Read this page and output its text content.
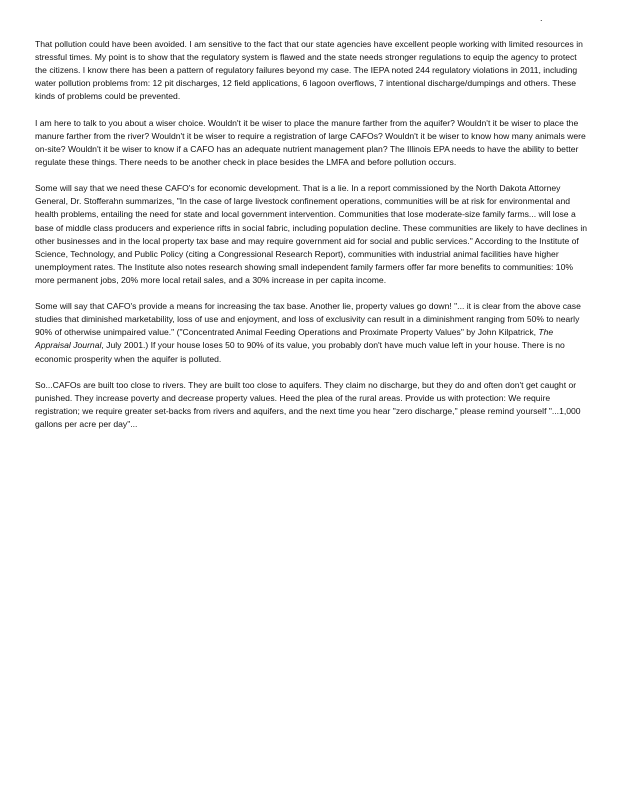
.

That pollution could have been avoided. I am sensitive to the fact that our state agencies have excellent people working with limited resources in stressful times. My point is to show that the regulatory system is flawed and the state needs stronger regulations to equip the agency to protect the citizens. I know there has been a pattern of regulatory failures beyond my case. The IEPA noted 244 regulatory violations in 2011, including water pollution problems from: 12 pit discharges, 12 field applications, 6 lagoon overflows, 7 intentional discharge/dumpings and others. These kinds of problems could be prevented.

I am here to talk to you about a wiser choice. Wouldn't it be wiser to place the manure farther from the aquifer? Wouldn't it be wiser to place the manure farther from the river? Wouldn't it be wiser to require a registration of large CAFOs? Wouldn't it be wiser to know how many animals were on-site? Wouldn't it be wiser to know if a CAFO has an adequate nutrient management plan? The Illinois EPA needs to have the ability to better regulate these things. There needs to be another check in place besides the LMFA and before pollution occurs.

Some will say that we need these CAFO's for economic development. That is a lie. In a report commissioned by the North Dakota Attorney General, Dr. Stofferahn summarizes, "In the case of large livestock confinement operations, communities will be at risk for environmental and health problems, entailing the need for state and local government intervention. Communities that lose moderate-size family farms... will lose a base of middle class producers and experience rifts in social fabric, including population decline. These communities are likely to have declines in other businesses and in the local property tax base and may require government aid for social and public services." According to the Institute of Science, Technology, and Public Policy (citing a Congressional Research Report), communities with industrial animal facilities have higher unemployment rates. The Institute also notes research showing small independent family farmers offer far more benefits to communities: 10% more permanent jobs, 20% more local retail sales, and a 30% increase in per capita income.

Some will say that CAFO's provide a means for increasing the tax base. Another lie, property values go down! "... it is clear from the above case studies that diminished marketability, loss of use and enjoyment, and loss of exclusivity can result in a diminishment ranging from 50% to nearly 90% of otherwise unimpaired value." ("Concentrated Animal Feeding Operations and Proximate Property Values" by John Kilpatrick, The Appraisal Journal, July 2001.) If your house loses 50 to 90% of its value, you probably don't have much value left in your house. There is no economic prosperity when the aquifer is polluted.

So...CAFOs are built too close to rivers. They are built too close to aquifers. They claim no discharge, but they do and often don't get caught or punished. They increase poverty and decrease property values. Heed the plea of the rural areas. Provide us with protection: We require registration; we require greater set-backs from rivers and aquifers, and the next time you hear "zero discharge," please remind yourself "...1,000 gallons per acre per day"...
